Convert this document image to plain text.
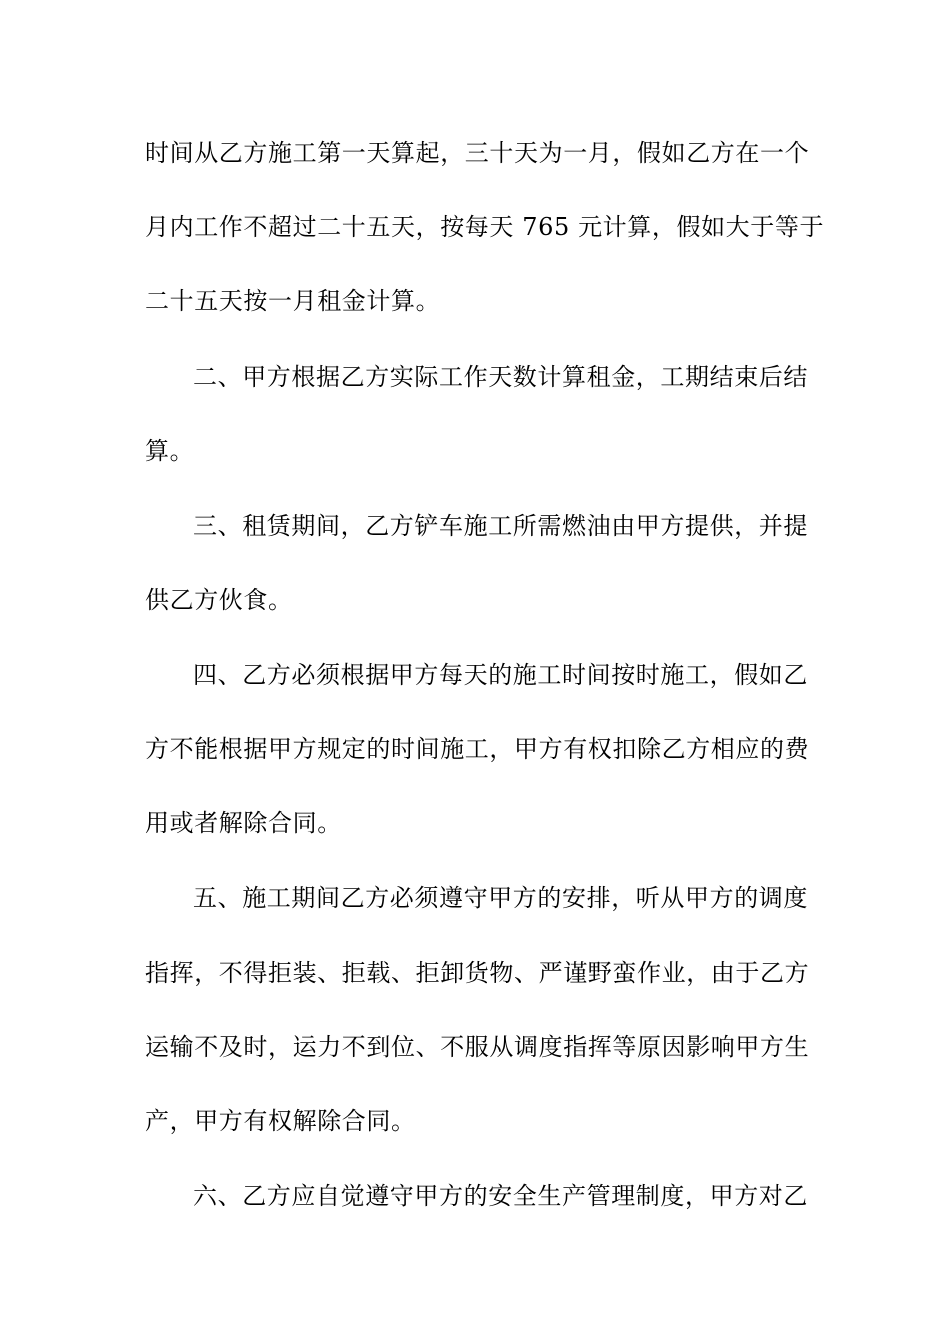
时间从乙方施工第一天算起，三十天为一月，假如乙方在一个
月内工作不超过二十五天，按每天 765 元计算，假如大于等于
二十五天按一月租金计算。
二、甲方根据乙方实际工作天数计算租金，工期结束后结
算。
三、租赁期间，乙方铲车施工所需燃油由甲方提供，并提
供乙方伙食。
四、乙方必须根据甲方每天的施工时间按时施工，假如乙
方不能根据甲方规定的时间施工，甲方有权扣除乙方相应的费
用或者解除合同。
五、施工期间乙方必须遵守甲方的安排，听从甲方的调度
指挥，不得拒装、拒载、拒卸货物、严谨野蛮作业，由于乙方
运输不及时，运力不到位、不服从调度指挥等原因影响甲方生
产，甲方有权解除合同。
六、乙方应自觉遵守甲方的安全生产管理制度，甲方对乙
